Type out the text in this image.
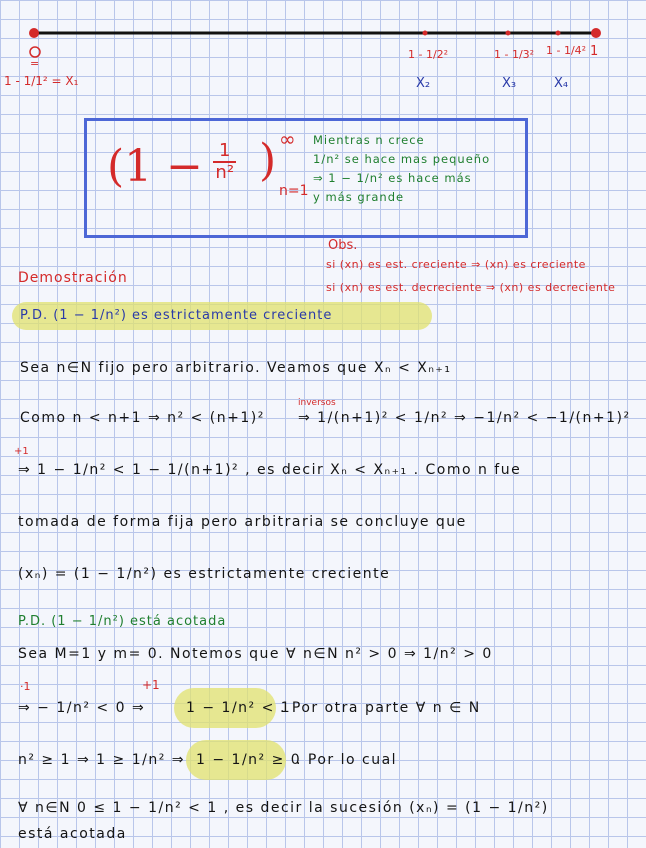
=
1 - 1/1² = X₁
1
1 - 1/2²
X₂
1 - 1/3²
X₃
1 - 1/4²
X₄
($1 - \frac{1}{\text{n²}}$ ) ∞
n=1
Mientras n crece
1/n² se hace mas pequeño
⇒ 1 − 1/n² es hace más
y más grande
Obs.
si (xn) es est. creciente ⇒ (xn) es creciente
si (xn) es est. decreciente ⇒ (xn) es decreciente
Demostración
P.D. (1 − 1/n²) es estrictamente creciente
Sea n∈N fijo pero arbitrario. Veamos que Xₙ < Xₙ₊₁
Como n < n+1 ⇒ n² < (n+1)²
inversos
⇒ 1/(n+1)² < 1/n² ⇒ −1/n² < −1/(n+1)²
+1
⇒ 1 − 1/n² < 1 − 1/(n+1)² , es decir Xₙ < Xₙ₊₁ . Como n fue
tomada de forma fija pero arbitraria se concluye que
(xₙ) = (1 − 1/n²) es estrictamente creciente
P.D. (1 − 1/n²) está acotada
Sea M=1 y m= 0. Notemos que ∀ n∈N n² > 0 ⇒ 1/n² > 0
·1	+1
⇒ − 1/n² < 0 ⇒	1 − 1/n² < 1
. Por otra parte ∀ n ∈ N
n² ≥ 1 ⇒ 1 ≥ 1/n² ⇒ 1 − 1/n² ≥ 0
. Por lo cual
∀ n∈N 0 ≤ 1 − 1/n² < 1 , es decir la sucesión (xₙ) = (1 − 1/n²)
está acotada
